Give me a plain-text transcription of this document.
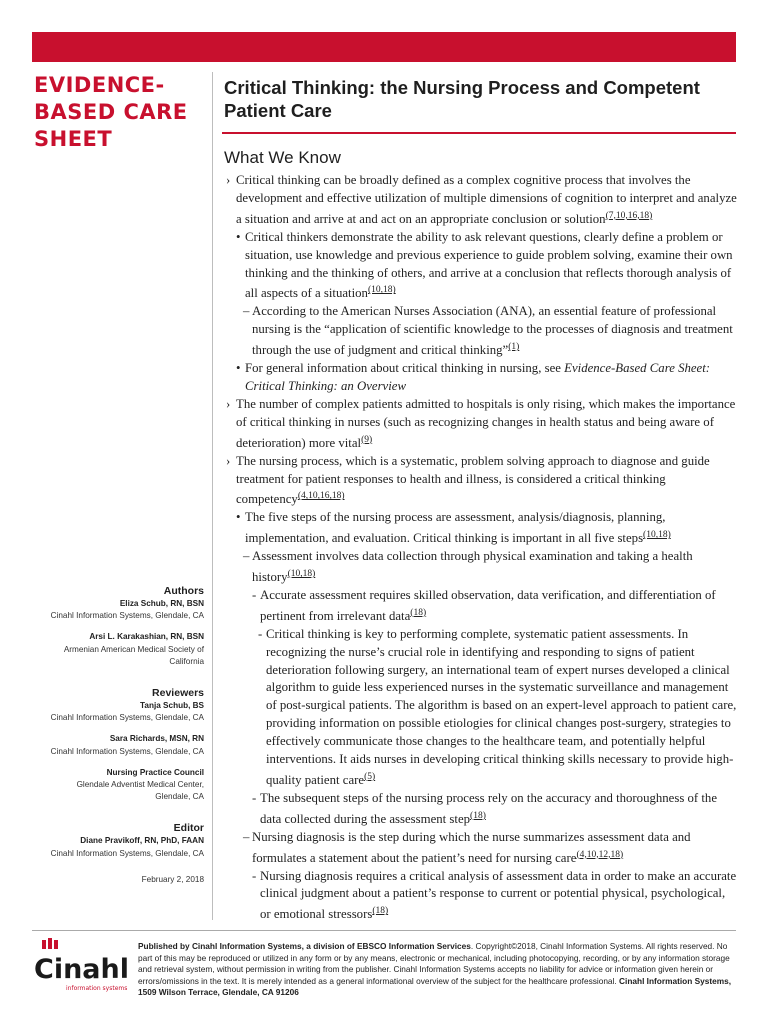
EVIDENCE-
BASED CARE
SHEET
Critical Thinking: the Nursing Process and Competent
Patient Care
What We Know
› Critical thinking can be broadly defined as a complex cognitive process that involves the development and effective utilization of multiple dimensions of cognition to interpret and analyze a situation and arrive at and act on an appropriate conclusion or solution$^{(7,10,16,18)}$
• Critical thinkers demonstrate the ability to ask relevant questions, clearly define a problem or situation, use knowledge and previous experience to guide problem solving, examine their own thinking and the thinking of others, and arrive at a conclusion that reflects thorough analysis of all aspects of a situation$^{(10,18)}$
– According to the American Nurses Association (ANA), an essential feature of professional nursing is the “application of scientific knowledge to the processes of diagnosis and treatment through the use of judgment and critical thinking”$^{(1)}$
• For general information about critical thinking in nursing, see Evidence-Based Care Sheet: Critical Thinking: an Overview
› The number of complex patients admitted to hospitals is only rising, which makes the importance of critical thinking in nurses (such as recognizing changes in health status and being aware of deterioration) more vital$^{(9)}$
› The nursing process, which is a systematic, problem solving approach to diagnose and guide treatment for patient responses to health and illness, is considered a critical thinking competency$^{(4,10,16,18)}$
• The five steps of the nursing process are assessment, analysis/diagnosis, planning, implementation, and evaluation. Critical thinking is important in all five steps$^{(10,18)}$
– Assessment involves data collection through physical examination and taking a health history$^{(10,18)}$
- Accurate assessment requires skilled observation, data verification, and differentiation of pertinent from irrelevant data$^{(18)}$
- Critical thinking is key to performing complete, systematic patient assessments. In recognizing the nurse’s crucial role in identifying and responding to signs of patient deterioration following surgery, an international team of expert nurses developed a clinical algorithm to guide less experienced nurses in the systematic surveillance and management of post-surgical patients. The algorithm is based on an expert-level approach to patient care, providing information on possible etiologies for clinical changes post-surgery, strategies to effectively communicate those changes to the healthcare team, and potentially helpful interventions. It aids nurses in developing critical thinking skills necessary to provide high-quality patient care$^{(5)}$
- The subsequent steps of the nursing process rely on the accuracy and thoroughness of the data collected during the assessment step$^{(18)}$
– Nursing diagnosis is the step during which the nurse summarizes assessment data and formulates a statement about the patient’s need for nursing care$^{(4,10,12,18)}$
- Nursing diagnosis requires a critical analysis of assessment data in order to make an accurate clinical judgment about a patient’s response to current or potential physical, psychological, or emotional stressors$^{(18)}$
Authors
Eliza Schub, RN, BSN
Cinahl Information Systems, Glendale, CA
Arsi L. Karakashian, RN, BSN
Armenian American Medical Society of
California
Reviewers
Tanja Schub, BS
Cinahl Information Systems, Glendale, CA
Sara Richards, MSN, RN
Cinahl Information Systems, Glendale, CA
Nursing Practice Council
Glendale Adventist Medical Center,
Glendale, CA
Editor
Diane Pravikoff, RN, PhD, FAAN
Cinahl Information Systems, Glendale, CA
February 2, 2018
Cinahl
information systems
Published by Cinahl Information Systems, a division of EBSCO Information Services. Copyright©2018, Cinahl Information Systems. All rights reserved. No part of this may be reproduced or utilized in any form or by any means, electronic or mechanical, including photocopying, recording, or by any information storage and retrieval system, without permission in writing from the publisher. Cinahl Information Systems accepts no liability for advice or information given herein or errors/omissions in the text. It is merely intended as a general informational overview of the subject for the healthcare professional. Cinahl Information Systems, 1509 Wilson Terrace, Glendale, CA 91206
